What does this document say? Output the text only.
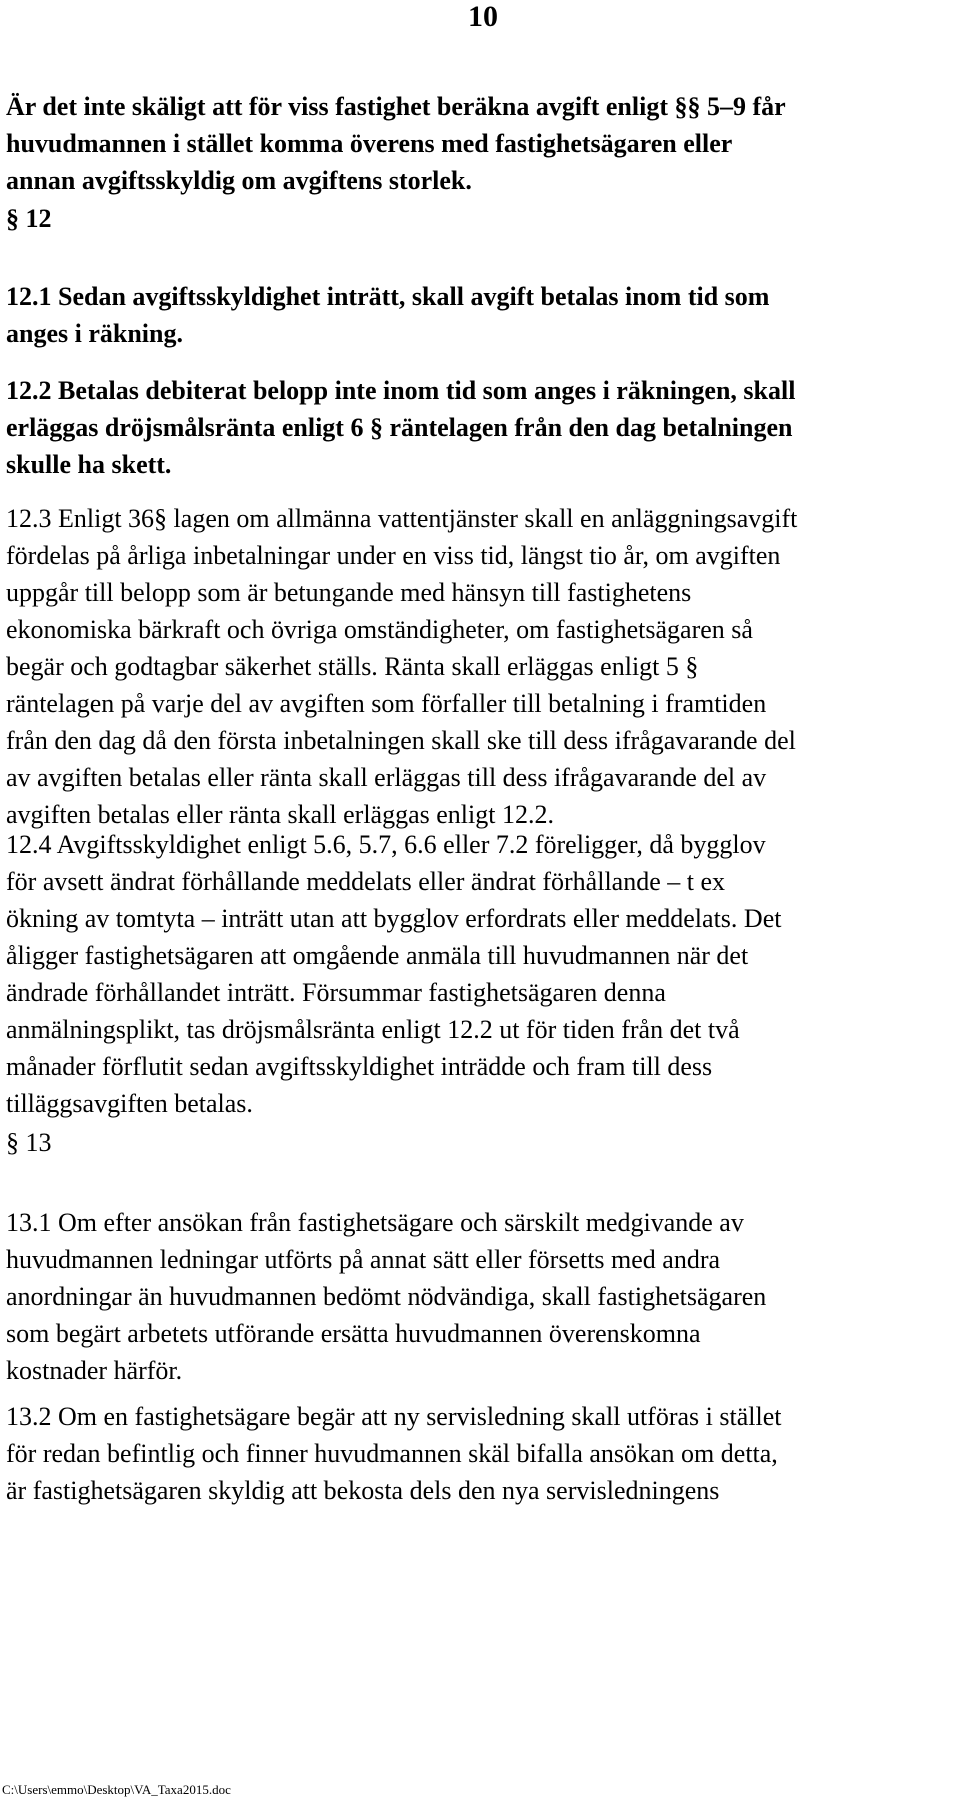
10
Är det inte skäligt att för viss fastighet beräkna avgift enligt §§ 5–9 får
huvudmannen i stället komma överens med fastighetsägaren eller
annan avgiftsskyldig om avgiftens storlek.
§ 12
12.1 Sedan avgiftsskyldighet inträtt, skall avgift betalas inom tid som
anges i räkning.
12.2 Betalas debiterat belopp inte inom tid som anges i räkningen, skall
erläggas dröjsmålsränta enligt 6 § räntelagen från den dag betalningen
skulle ha skett.
12.3 Enligt 36§ lagen om allmänna vattentjänster skall en anläggningsavgift
fördelas på årliga inbetalningar under en viss tid, längst tio år, om avgiften
uppgår till belopp som är betungande med hänsyn till fastighetens
ekonomiska bärkraft och övriga omständigheter, om fastighetsägaren så
begär och godtagbar säkerhet ställs. Ränta skall erläggas enligt 5 §
räntelagen på varje del av avgiften som förfaller till betalning i framtiden
från den dag då den första inbetalningen skall ske till dess ifrågavarande del
av avgiften betalas eller ränta skall erläggas till dess ifrågavarande del av
avgiften betalas eller ränta skall erläggas enligt 12.2.
12.4 Avgiftsskyldighet enligt 5.6, 5.7, 6.6 eller 7.2 föreligger, då bygglov
för avsett ändrat förhållande meddelats eller ändrat förhållande – t ex
ökning av tomtyta – inträtt utan att bygglov erfordrats eller meddelats. Det
åligger fastighetsägaren att omgående anmäla till huvudmannen när det
ändrade förhållandet inträtt. Försummar fastighetsägaren denna
anmälningsplikt, tas dröjsmålsränta enligt 12.2 ut för tiden från det två
månader förflutit sedan avgiftsskyldighet inträdde och fram till dess
tilläggsavgiften betalas.
§ 13
13.1 Om efter ansökan från fastighetsägare och särskilt medgivande av
huvudmannen ledningar utförts på annat sätt eller försetts med andra
anordningar än huvudmannen bedömt nödvändiga, skall fastighetsägaren
som begärt arbetets utförande ersätta huvudmannen överenskomna
kostnader härför.
13.2 Om en fastighetsägare begär att ny servisledning skall utföras i stället
för redan befintlig och finner huvudmannen skäl bifalla ansökan om detta,
är fastighetsägaren skyldig att bekosta dels den nya servisledningens
C:\Users\emmo\Desktop\VA_Taxa2015.doc
